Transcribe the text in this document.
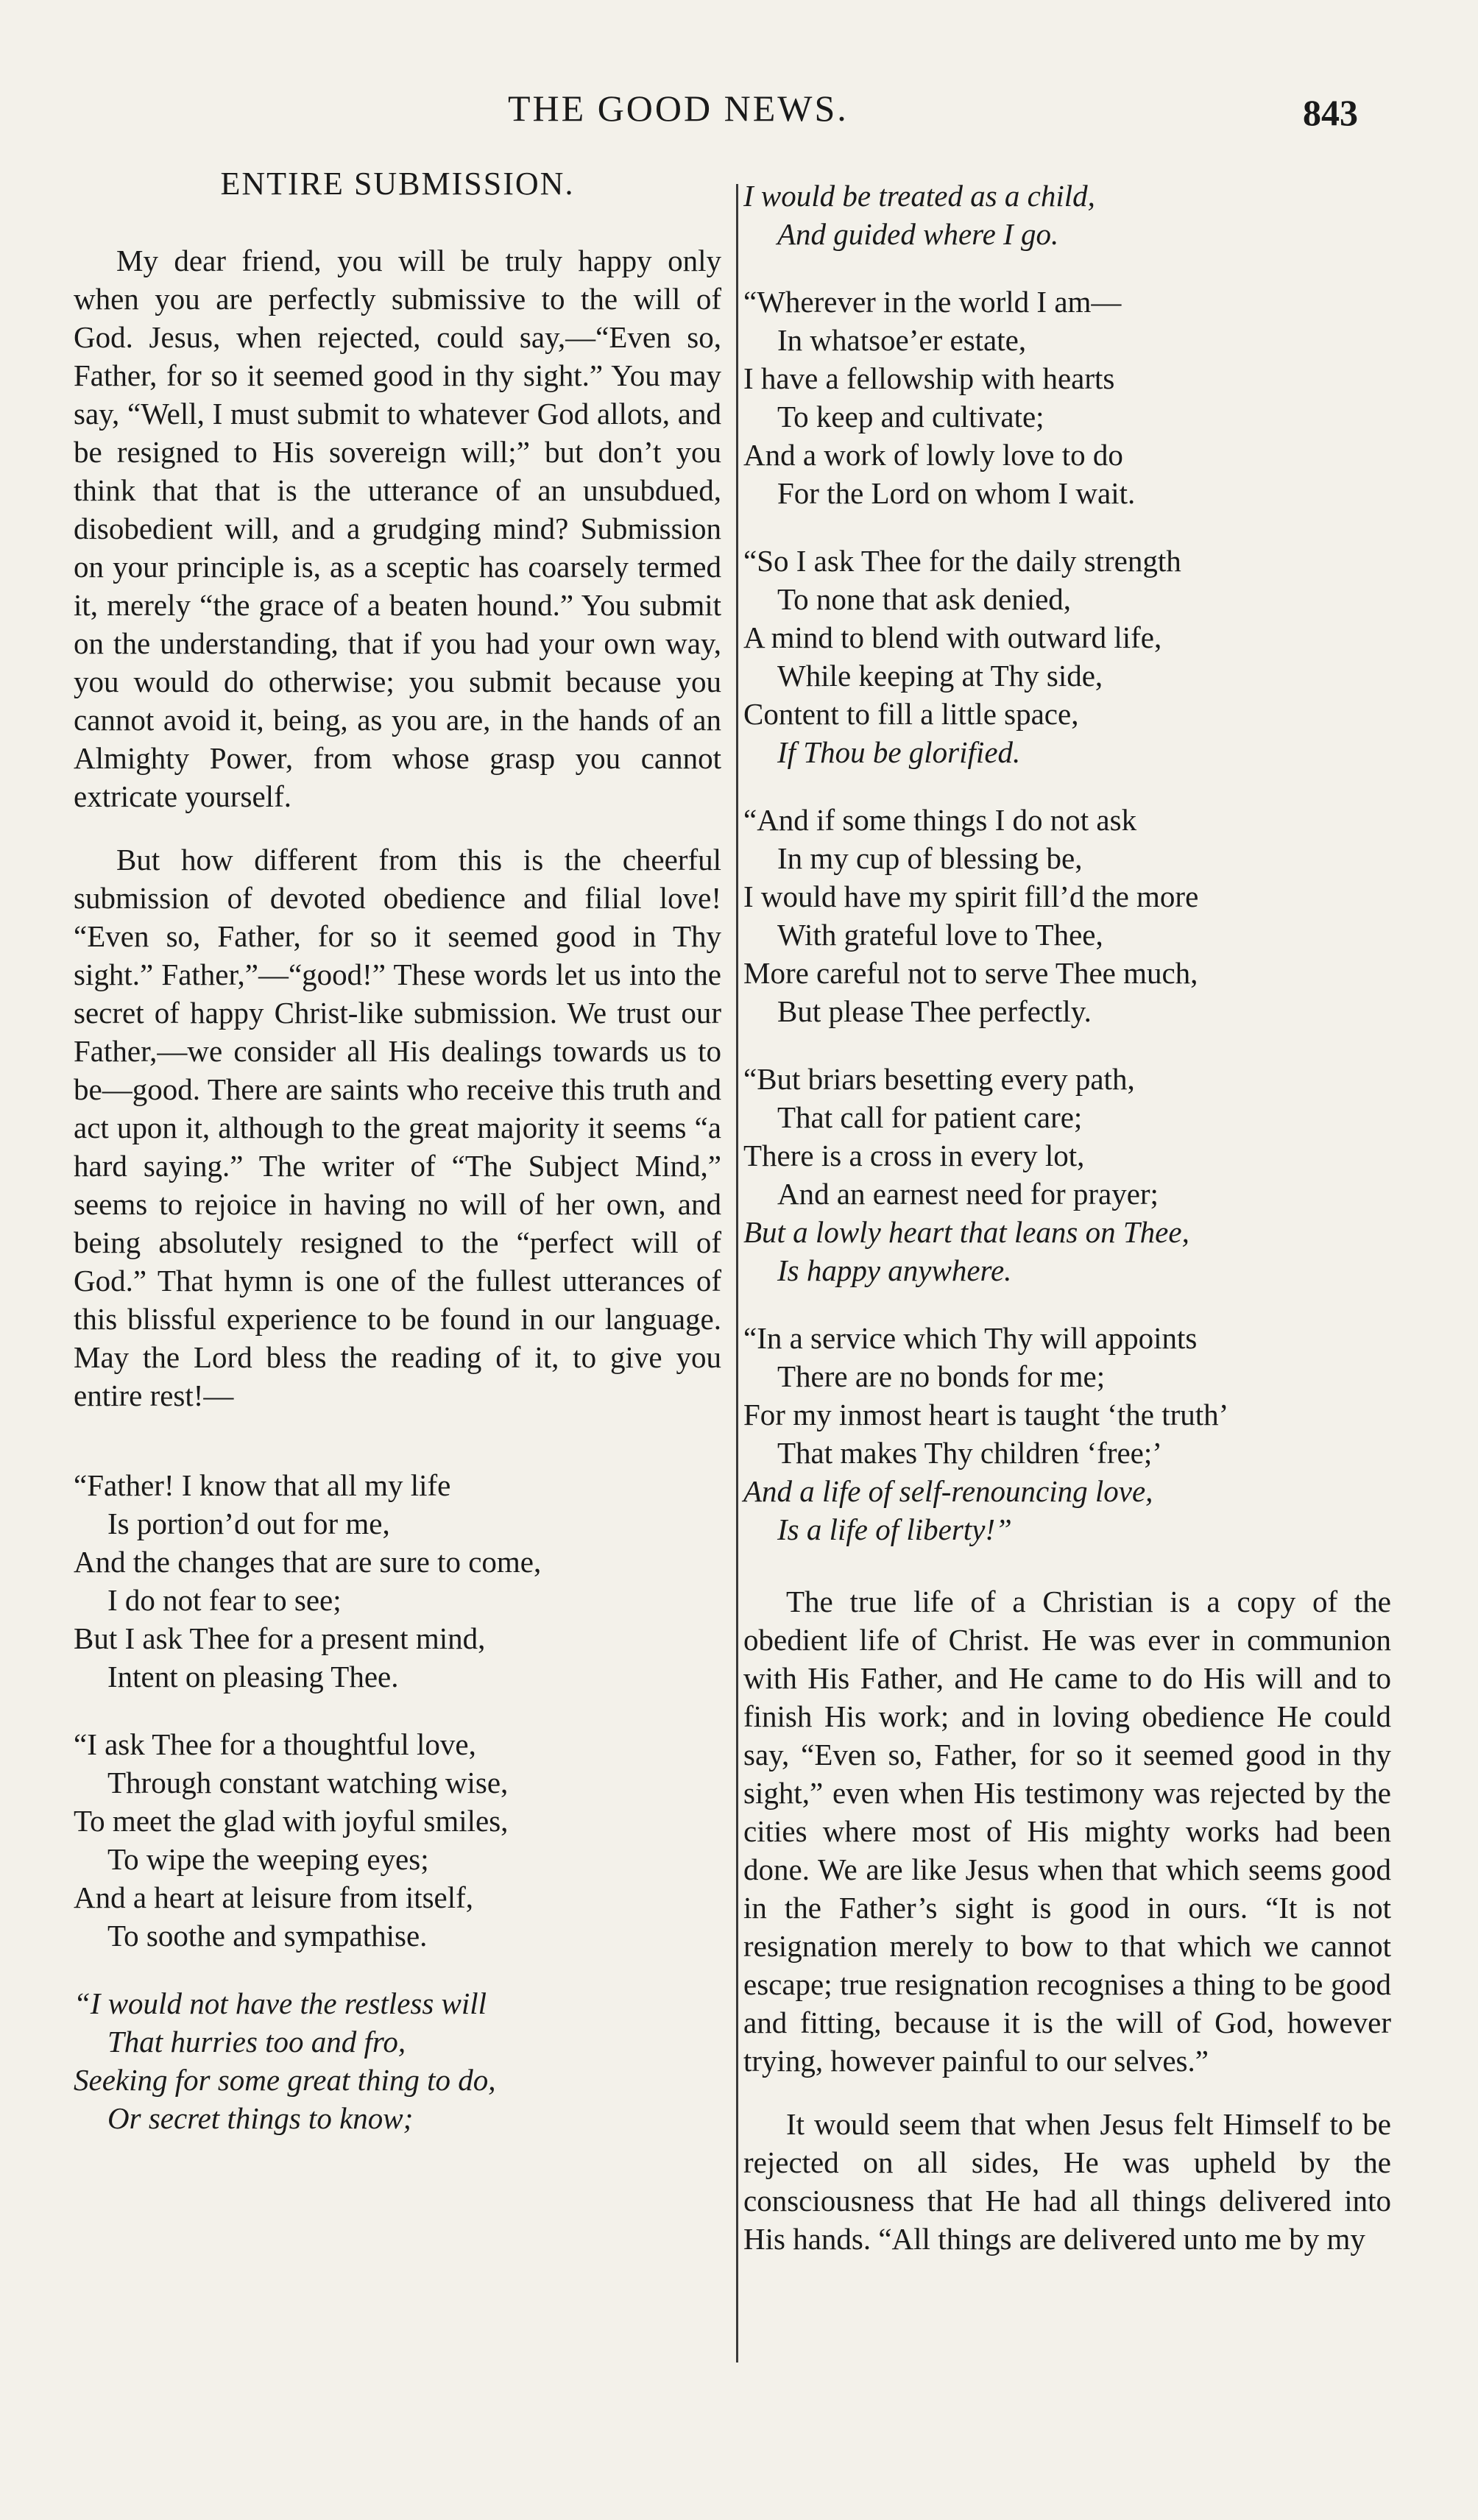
THE GOOD NEWS.	843
ENTIRE SUBMISSION.

My dear friend, you will be truly happy only when you are perfectly submissive to the will of God. Jesus, when rejected, could say,—“Even so, Father, for so it seemed good in thy sight.” You may say, “Well, I must submit to whatever God allots, and be resigned to His sovereign will;” but don’t you think that that is the utterance of an unsubdued, disobedient will, and a grudging mind? Submission on your principle is, as a sceptic has coarsely termed it, merely “the grace of a beaten hound.” You submit on the understanding, that if you had your own way, you would do otherwise; you submit because you cannot avoid it, being, as you are, in the hands of an Almighty Power, from whose grasp you cannot extricate yourself.

But how different from this is the cheerful submission of devoted obedience and filial love! “Even so, Father, for so it seemed good in Thy sight.” Father,”—“good!” These words let us into the secret of happy Christ-like submission. We trust our Father,—we consider all His dealings towards us to be—good. There are saints who receive this truth and act upon it, although to the great majority it seems “a hard saying.” The writer of “The Subject Mind,” seems to rejoice in having no will of her own, and being absolutely resigned to the “perfect will of God.” That hymn is one of the fullest utterances of this blissful experience to be found in our language. May the Lord bless the reading of it, to give you entire rest!—

“Father! I know that all my life
Is portion’d out for me,
And the changes that are sure to come,
I do not fear to see;
But I ask Thee for a present mind,
Intent on pleasing Thee.
“I ask Thee for a thoughtful love,
Through constant watching wise,
To meet the glad with joyful smiles,
To wipe the weeping eyes;
And a heart at leisure from itself,
To soothe and sympathise.
“I would not have the restless will
That hurries too and fro,
Seeking for some great thing to do,
Or secret things to know;
I would be treated as a child,
And guided where I go.
“Wherever in the world I am—
In whatsoe’er estate,
I have a fellowship with hearts
To keep and cultivate;
And a work of lowly love to do
For the Lord on whom I wait.
“So I ask Thee for the daily strength
To none that ask denied,
A mind to blend with outward life,
While keeping at Thy side,
Content to fill a little space,
If Thou be glorified.
“And if some things I do not ask
In my cup of blessing be,
I would have my spirit fill’d the more
With grateful love to Thee,
More careful not to serve Thee much,
But please Thee perfectly.
“But briars besetting every path,
That call for patient care;
There is a cross in every lot,
And an earnest need for prayer;
But a lowly heart that leans on Thee,
Is happy anywhere.
“In a service which Thy will appoints
There are no bonds for me;
For my inmost heart is taught ‘the truth’
That makes Thy children ‘free;’
And a life of self-renouncing love,
Is a life of liberty!”

The true life of a Christian is a copy of the obedient life of Christ. He was ever in communion with His Father, and He came to do His will and to finish His work; and in loving obedience He could say, “Even so, Father, for so it seemed good in thy sight,” even when His testimony was rejected by the cities where most of His mighty works had been done. We are like Jesus when that which seems good in the Father’s sight is good in ours. “It is not resignation merely to bow to that which we cannot escape; true resignation recognises a thing to be good and fitting, because it is the will of God, however trying, however painful to our selves.”

It would seem that when Jesus felt Himself to be rejected on all sides, He was upheld by the consciousness that He had all things delivered into His hands. “All things are delivered unto me by my
